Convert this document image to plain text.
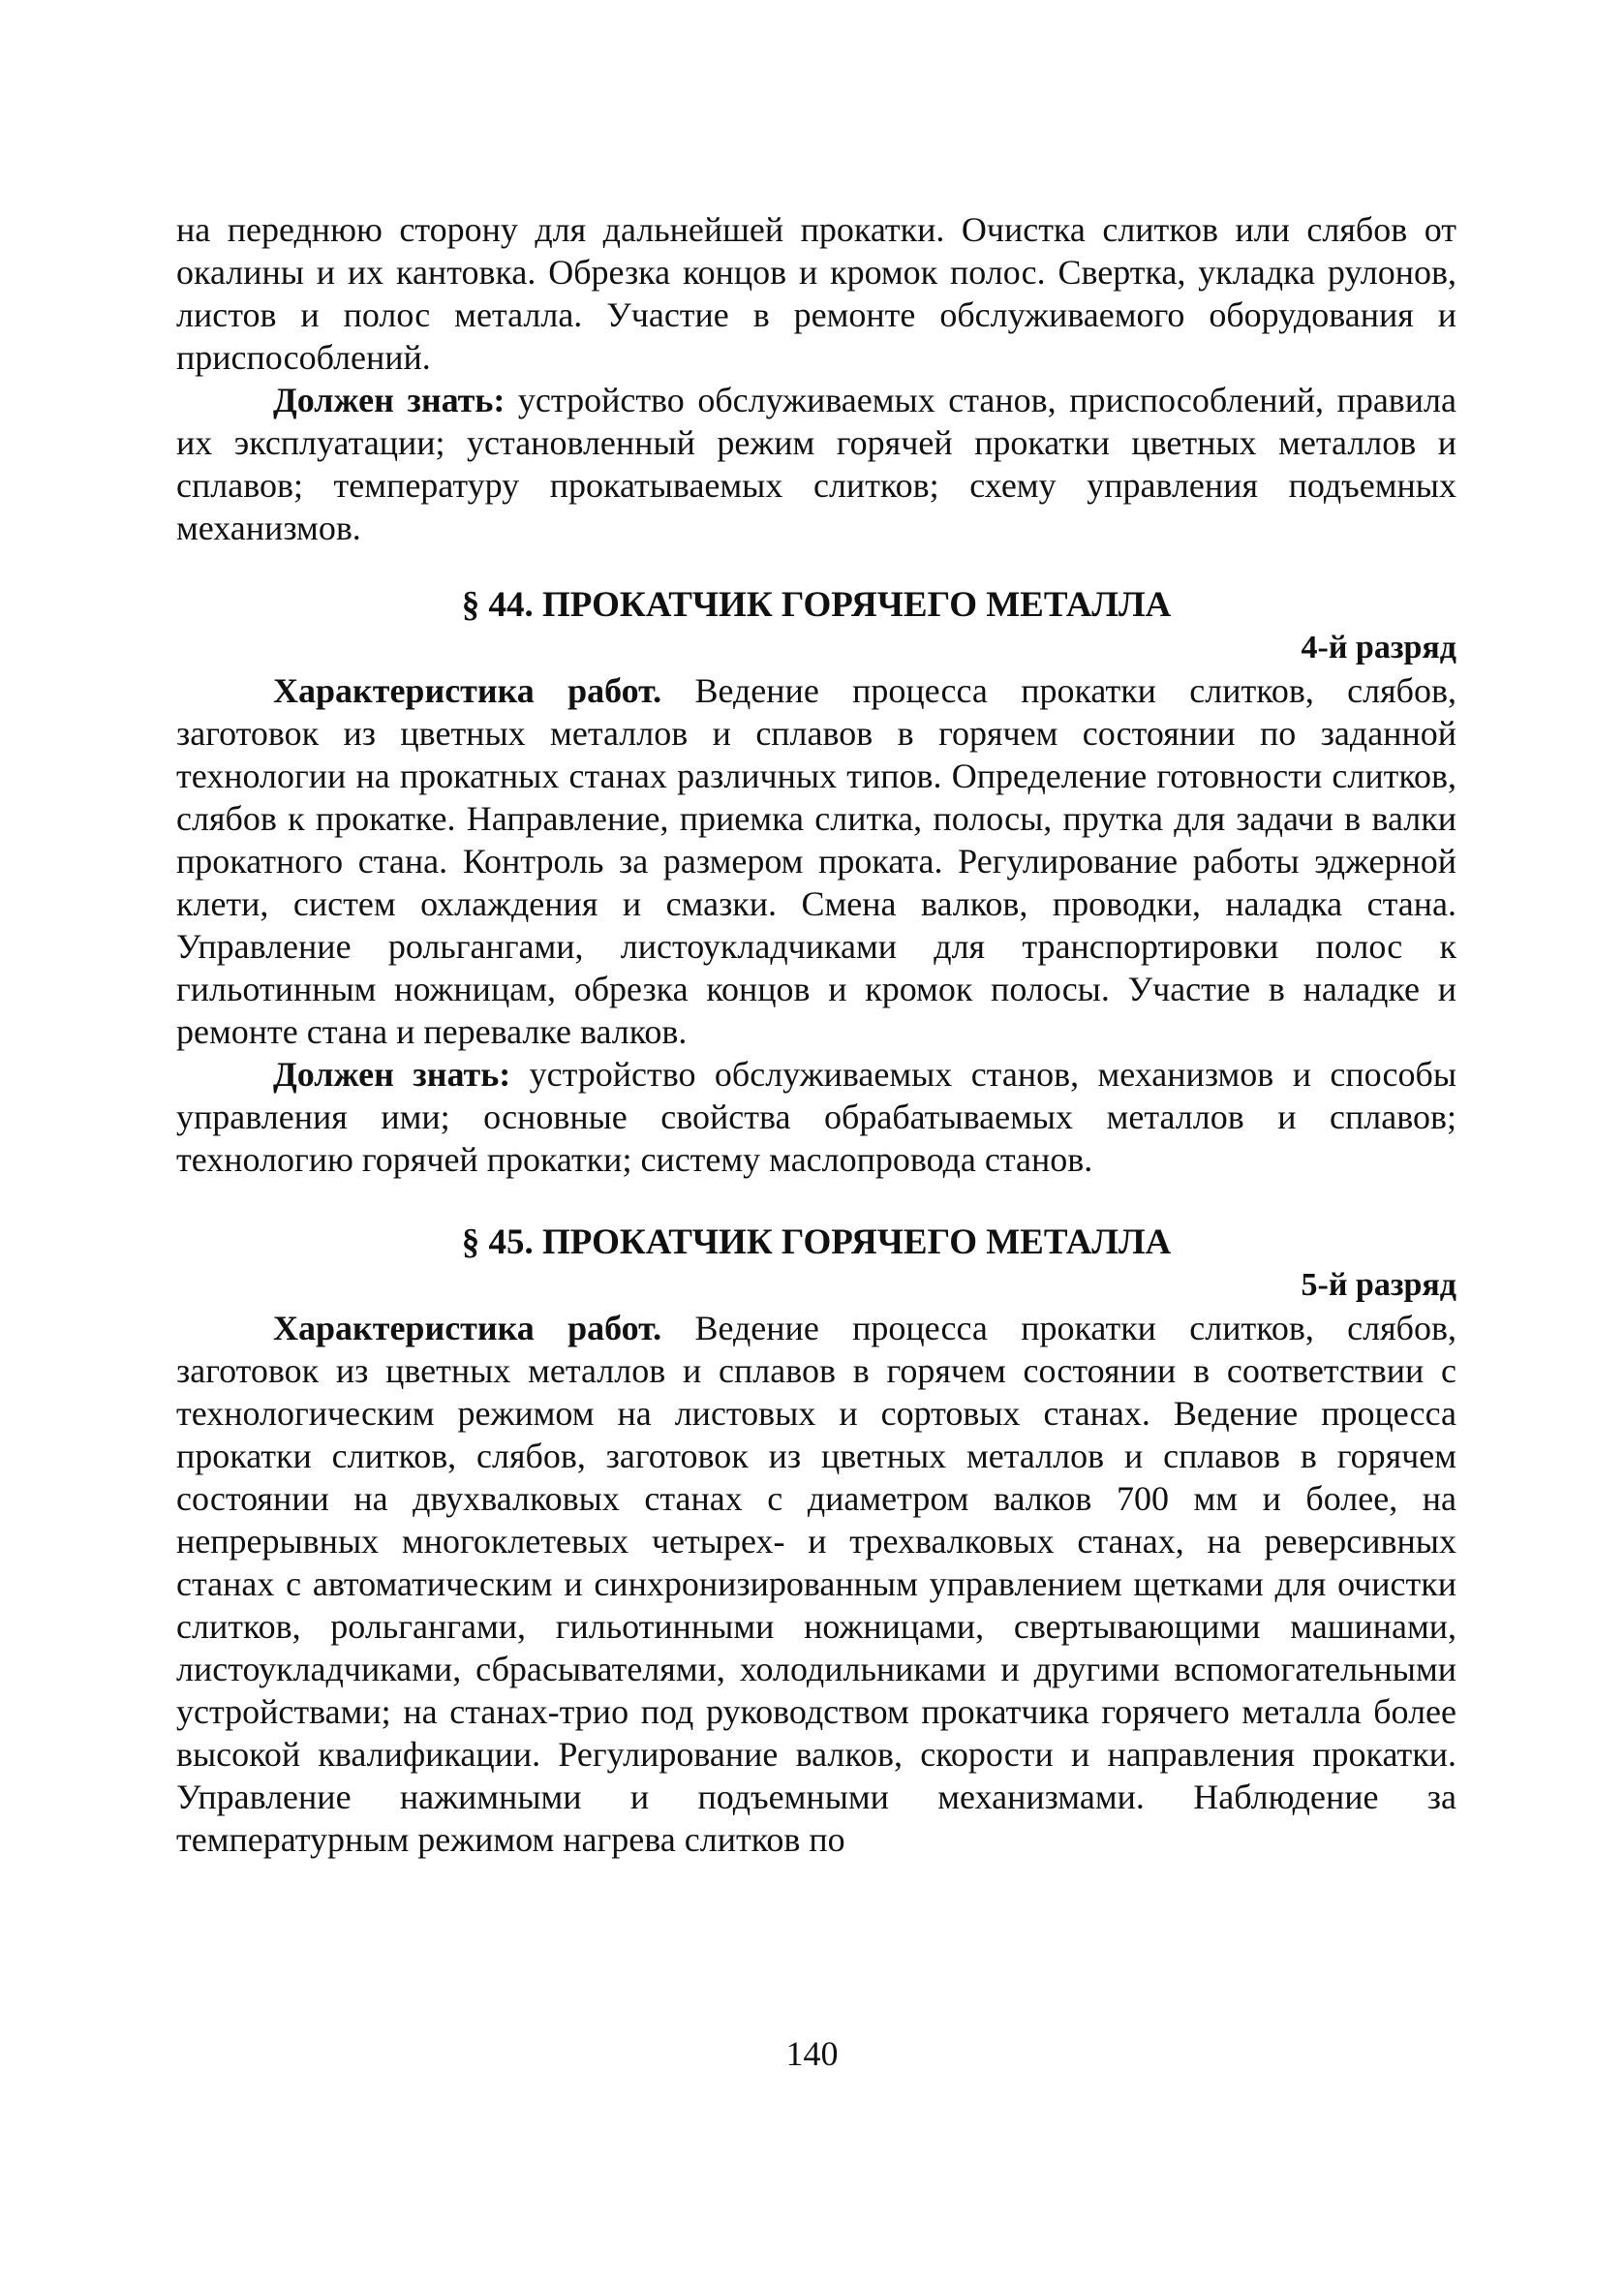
на переднюю сторону для дальнейшей прокатки. Очистка слитков или слябов от окалины и их кантовка. Обрезка концов и кромок полос. Свертка, укладка рулонов, листов и полос металла. Участие в ремонте обслуживаемого оборудования и приспособлений.

Должен знать: устройство обслуживаемых станов, приспособлений, правила их эксплуатации; установленный режим горячей прокатки цветных металлов и сплавов; температуру прокатываемых слитков; схему управления подъемных механизмов.

§ 44. ПРОКАТЧИК ГОРЯЧЕГО МЕТАЛЛА
4-й разряд

Характеристика работ. Ведение процесса прокатки слитков, слябов, заготовок из цветных металлов и сплавов в горячем состоянии по заданной технологии на прокатных станах различных типов. Определение готовности слитков, слябов к прокатке. Направление, приемка слитка, полосы, прутка для задачи в валки прокатного стана. Контроль за размером проката. Регулирование работы эджерной клети, систем охлаждения и смазки. Смена валков, проводки, наладка стана. Управление рольгангами, листоукладчиками для транспортировки полос к гильотинным ножницам, обрезка концов и кромок полосы. Участие в наладке и ремонте стана и перевалке валков.

Должен знать: устройство обслуживаемых станов, механизмов и способы управления ими; основные свойства обрабатываемых металлов и сплавов; технологию горячей прокатки; систему маслопровода станов.

§ 45. ПРОКАТЧИК ГОРЯЧЕГО МЕТАЛЛА
5-й разряд

Характеристика работ. Ведение процесса прокатки слитков, слябов, заготовок из цветных металлов и сплавов в горячем состоянии в соответствии с технологическим режимом на листовых и сортовых станах. Ведение процесса прокатки слитков, слябов, заготовок из цветных металлов и сплавов в горячем состоянии на двухвалковых станах с диаметром валков 700 мм и более, на непрерывных многоклетевых четырех- и трехвалковых станах, на реверсивных станах с автоматическим и синхронизированным управлением щетками для очистки слитков, рольгангами, гильотинными ножницами, свертывающими машинами, листоукладчиками, сбрасывателями, холодильниками и другими вспомогательными устройствами; на станах-трио под руководством прокатчика горячего металла более высокой квалификации. Регулирование валков, скорости и направления прокатки. Управление нажимными и подъемными механизмами. Наблюдение за температурным режимом нагрева слитков по

140
